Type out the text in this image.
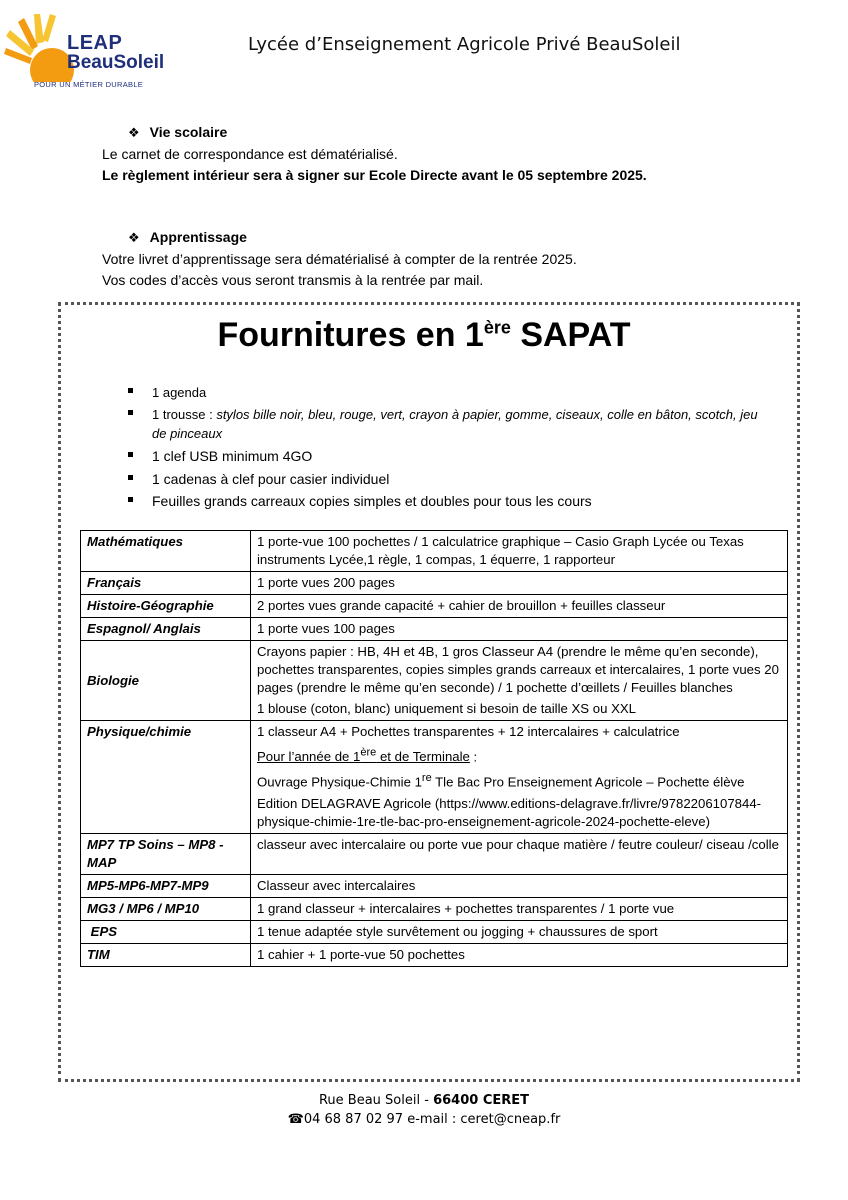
LEAP
BeauSoleil
POUR UN MÉTIER DURABLE
Lycée d’Enseignement Agricole Privé BeauSoleil
❖ Vie scolaire
Le carnet de correspondance est dématérialisé.
Le règlement intérieur sera à signer sur Ecole Directe avant le 05 septembre 2025.
❖ Apprentissage
Votre livret d’apprentissage sera dématérialisé à compter de la rentrée 2025.
Vos codes d’accès vous seront transmis à la rentrée par mail.
Fournitures en 1ère SAPAT
1 agenda
1 trousse : stylos bille noir, bleu, rouge, vert, crayon à papier, gomme, ciseaux, colle en bâton, scotch, jeu de pinceaux
1 clef USB minimum 4GO
1 cadenas à clef pour casier individuel
Feuilles grands carreaux copies simples et doubles pour tous les cours
Mathématiques	1 porte-vue 100 pochettes / 1 calculatrice graphique – Casio Graph Lycée ou Texas instruments Lycée,1 règle, 1 compas, 1 équerre, 1 rapporteur
Français	1 porte vues 200 pages
Histoire-Géographie	2 portes vues grande capacité + cahier de brouillon + feuilles classeur
Espagnol/ Anglais	1 porte vues 100 pages
Biologie	Crayons papier : HB, 4H et 4B, 1 gros Classeur A4 (prendre le même qu’en seconde), pochettes transparentes, copies simples grands carreaux et intercalaires, 1 porte vues 20 pages (prendre le même qu’en seconde) / 1 pochette d’œillets / Feuilles blanches
1 blouse (coton, blanc) uniquement si besoin de taille XS ou XXL

Physique/chimie	1 classeur A4 + Pochettes transparentes + 12 intercalaires + calculatrice
Pour l’année de 1ère et de Terminale :
Ouvrage Physique-Chimie 1re Tle Bac Pro Enseignement Agricole – Pochette élève
Edition DELAGRAVE Agricole (https://www.editions-delagrave.fr/livre/9782206107844-physique-chimie-1re-tle-bac-pro-enseignement-agricole-2024-pochette-eleve)

MP7 TP Soins – MP8 - MAP	classeur avec intercalaire ou porte vue pour chaque matière / feutre couleur/ ciseau /colle
MP5-MP6-MP7-MP9	Classeur avec intercalaires
MG3 / MP6 / MP10	1 grand classeur + intercalaires + pochettes transparentes / 1 porte vue
EPS	1 tenue adaptée style survêtement ou jogging + chaussures de sport
TIM	1 cahier + 1 porte-vue 50 pochettes
Rue Beau Soleil - 66400 CERET
☎04 68 87 02 97 e-mail : ceret@cneap.fr
